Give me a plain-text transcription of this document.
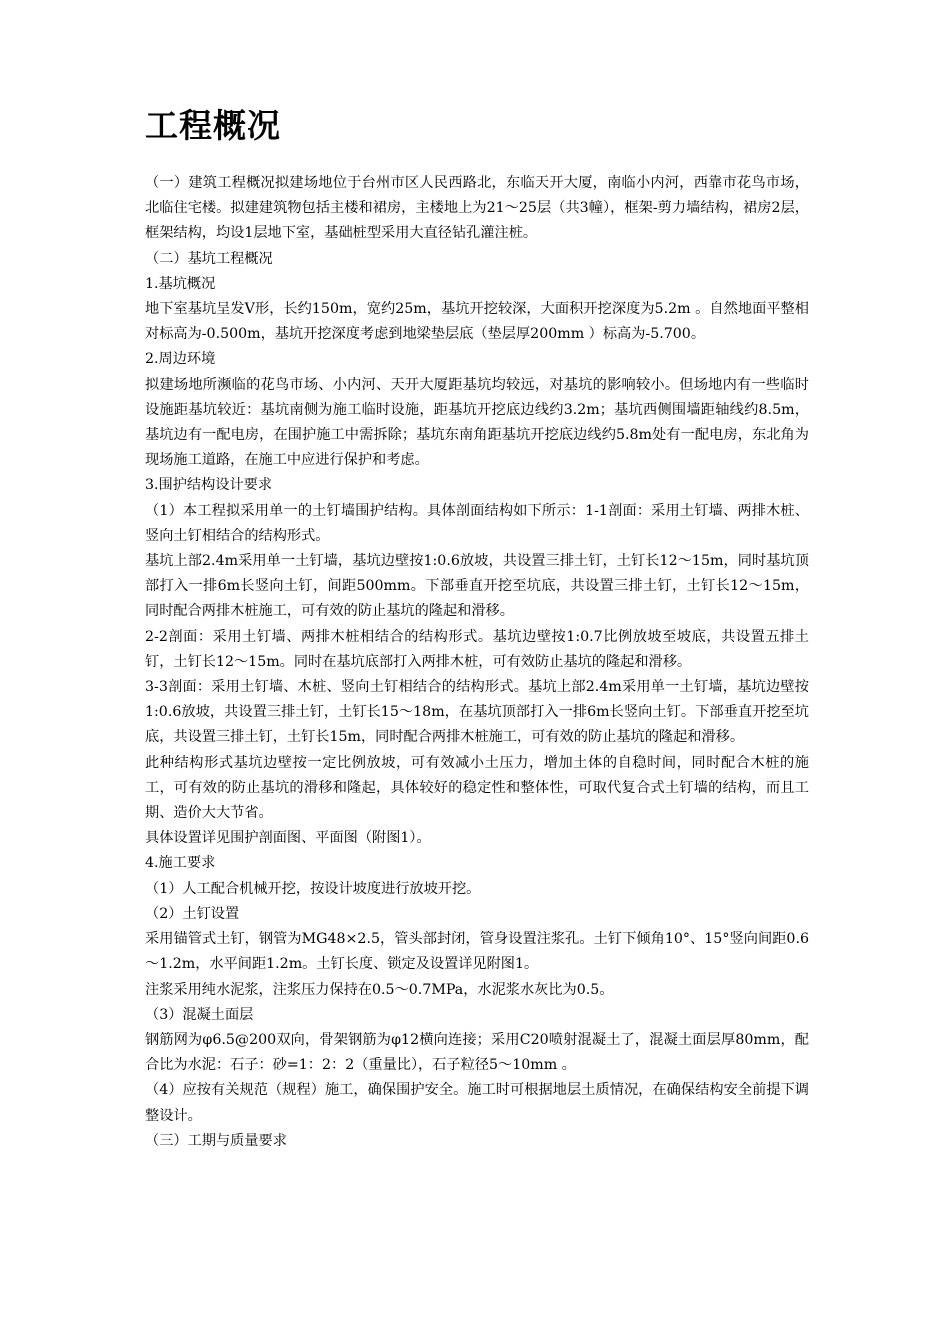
工程概况

（一）建筑工程概况拟建场地位于台州市区人民西路北，东临天开大厦，南临小内河，西靠市花鸟市场，北临住宅楼。拟建建筑物包括主楼和裙房，主楼地上为21～25层（共3幢），框架-剪力墙结构，裙房2层，框架结构，均设1层地下室，基础桩型采用大直径钻孔灌注桩。

（二）基坑工程概况

1.基坑概况

地下室基坑呈发V形，长约150m，宽约25m，基坑开挖较深，大面积开挖深度为5.2m 。自然地面平整相对标高为-0.500m，基坑开挖深度考虑到地梁垫层底（垫层厚200mm ）标高为-5.700。

2.周边环境

拟建场地所濒临的花鸟市场、小内河、天开大厦距基坑均较远，对基坑的影响较小。但场地内有一些临时设施距基坑较近：基坑南侧为施工临时设施，距基坑开挖底边线约3.2m；基坑西侧围墙距轴线约8.5m，基坑边有一配电房，在围护施工中需拆除；基坑东南角距基坑开挖底边线约5.8m处有一配电房，东北角为现场施工道路，在施工中应进行保护和考虑。

3.围护结构设计要求

（1）本工程拟采用单一的土钉墙围护结构。具体剖面结构如下所示：1-1剖面：采用土钉墙、两排木桩、竖向土钉相结合的结构形式。

基坑上部2.4m采用单一土钉墙，基坑边壁按1:0.6放坡，共设置三排土钉，土钉长12～15m，同时基坑顶部打入一排6m长竖向土钉，间距500mm。下部垂直开挖至坑底，共设置三排土钉，土钉长12～15m， 同时配合两排木桩施工，可有效的防止基坑的隆起和滑移。

2-2剖面：采用土钉墙、两排木桩相结合的结构形式。基坑边壁按1:0.7比例放坡至坡底，共设置五排土钉，土钉长12～15m。同时在基坑底部打入两排木桩，可有效防止基坑的隆起和滑移。

3-3剖面：采用土钉墙、木桩、竖向土钉相结合的结构形式。基坑上部2.4m采用单一土钉墙，基坑边壁按1:0.6放坡，共设置三排土钉，土钉长15～18m，在基坑顶部打入一排6m长竖向土钉。下部垂直开挖至坑底，共设置三排土钉，土钉长15m，同时配合两排木桩施工，可有效的防止基坑的隆起和滑移。

此种结构形式基坑边壁按一定比例放坡，可有效减小土压力，增加土体的自稳时间，同时配合木桩的施工，可有效的防止基坑的滑移和隆起，具体较好的稳定性和整体性，可取代复合式土钉墙的结构，而且工期、造价大大节省。

具体设置详见围护剖面图、平面图（附图1）。

4.施工要求

（1）人工配合机械开挖，按设计坡度进行放坡开挖。

（2）土钉设置

采用锚管式土钉，钢管为MG48×2.5，管头部封闭，管身设置注浆孔。土钉下倾角10°、15°竖向间距0.6～1.2m，水平间距1.2m。土钉长度、锁定及设置详见附图1。

注浆采用纯水泥浆，注浆压力保持在0.5～0.7MPa，水泥浆水灰比为0.5。

（3）混凝土面层

钢筋网为φ6.5@200双向，骨架钢筋为φ12横向连接；采用C20喷射混凝土了，混凝土面层厚80mm，配合比为水泥：石子：砂=1：2：2（重量比），石子粒径5～10mm 。

（4）应按有关规范（规程）施工，确保围护安全。施工时可根据地层土质情况，在确保结构安全前提下调整设计。

（三）工期与质量要求
